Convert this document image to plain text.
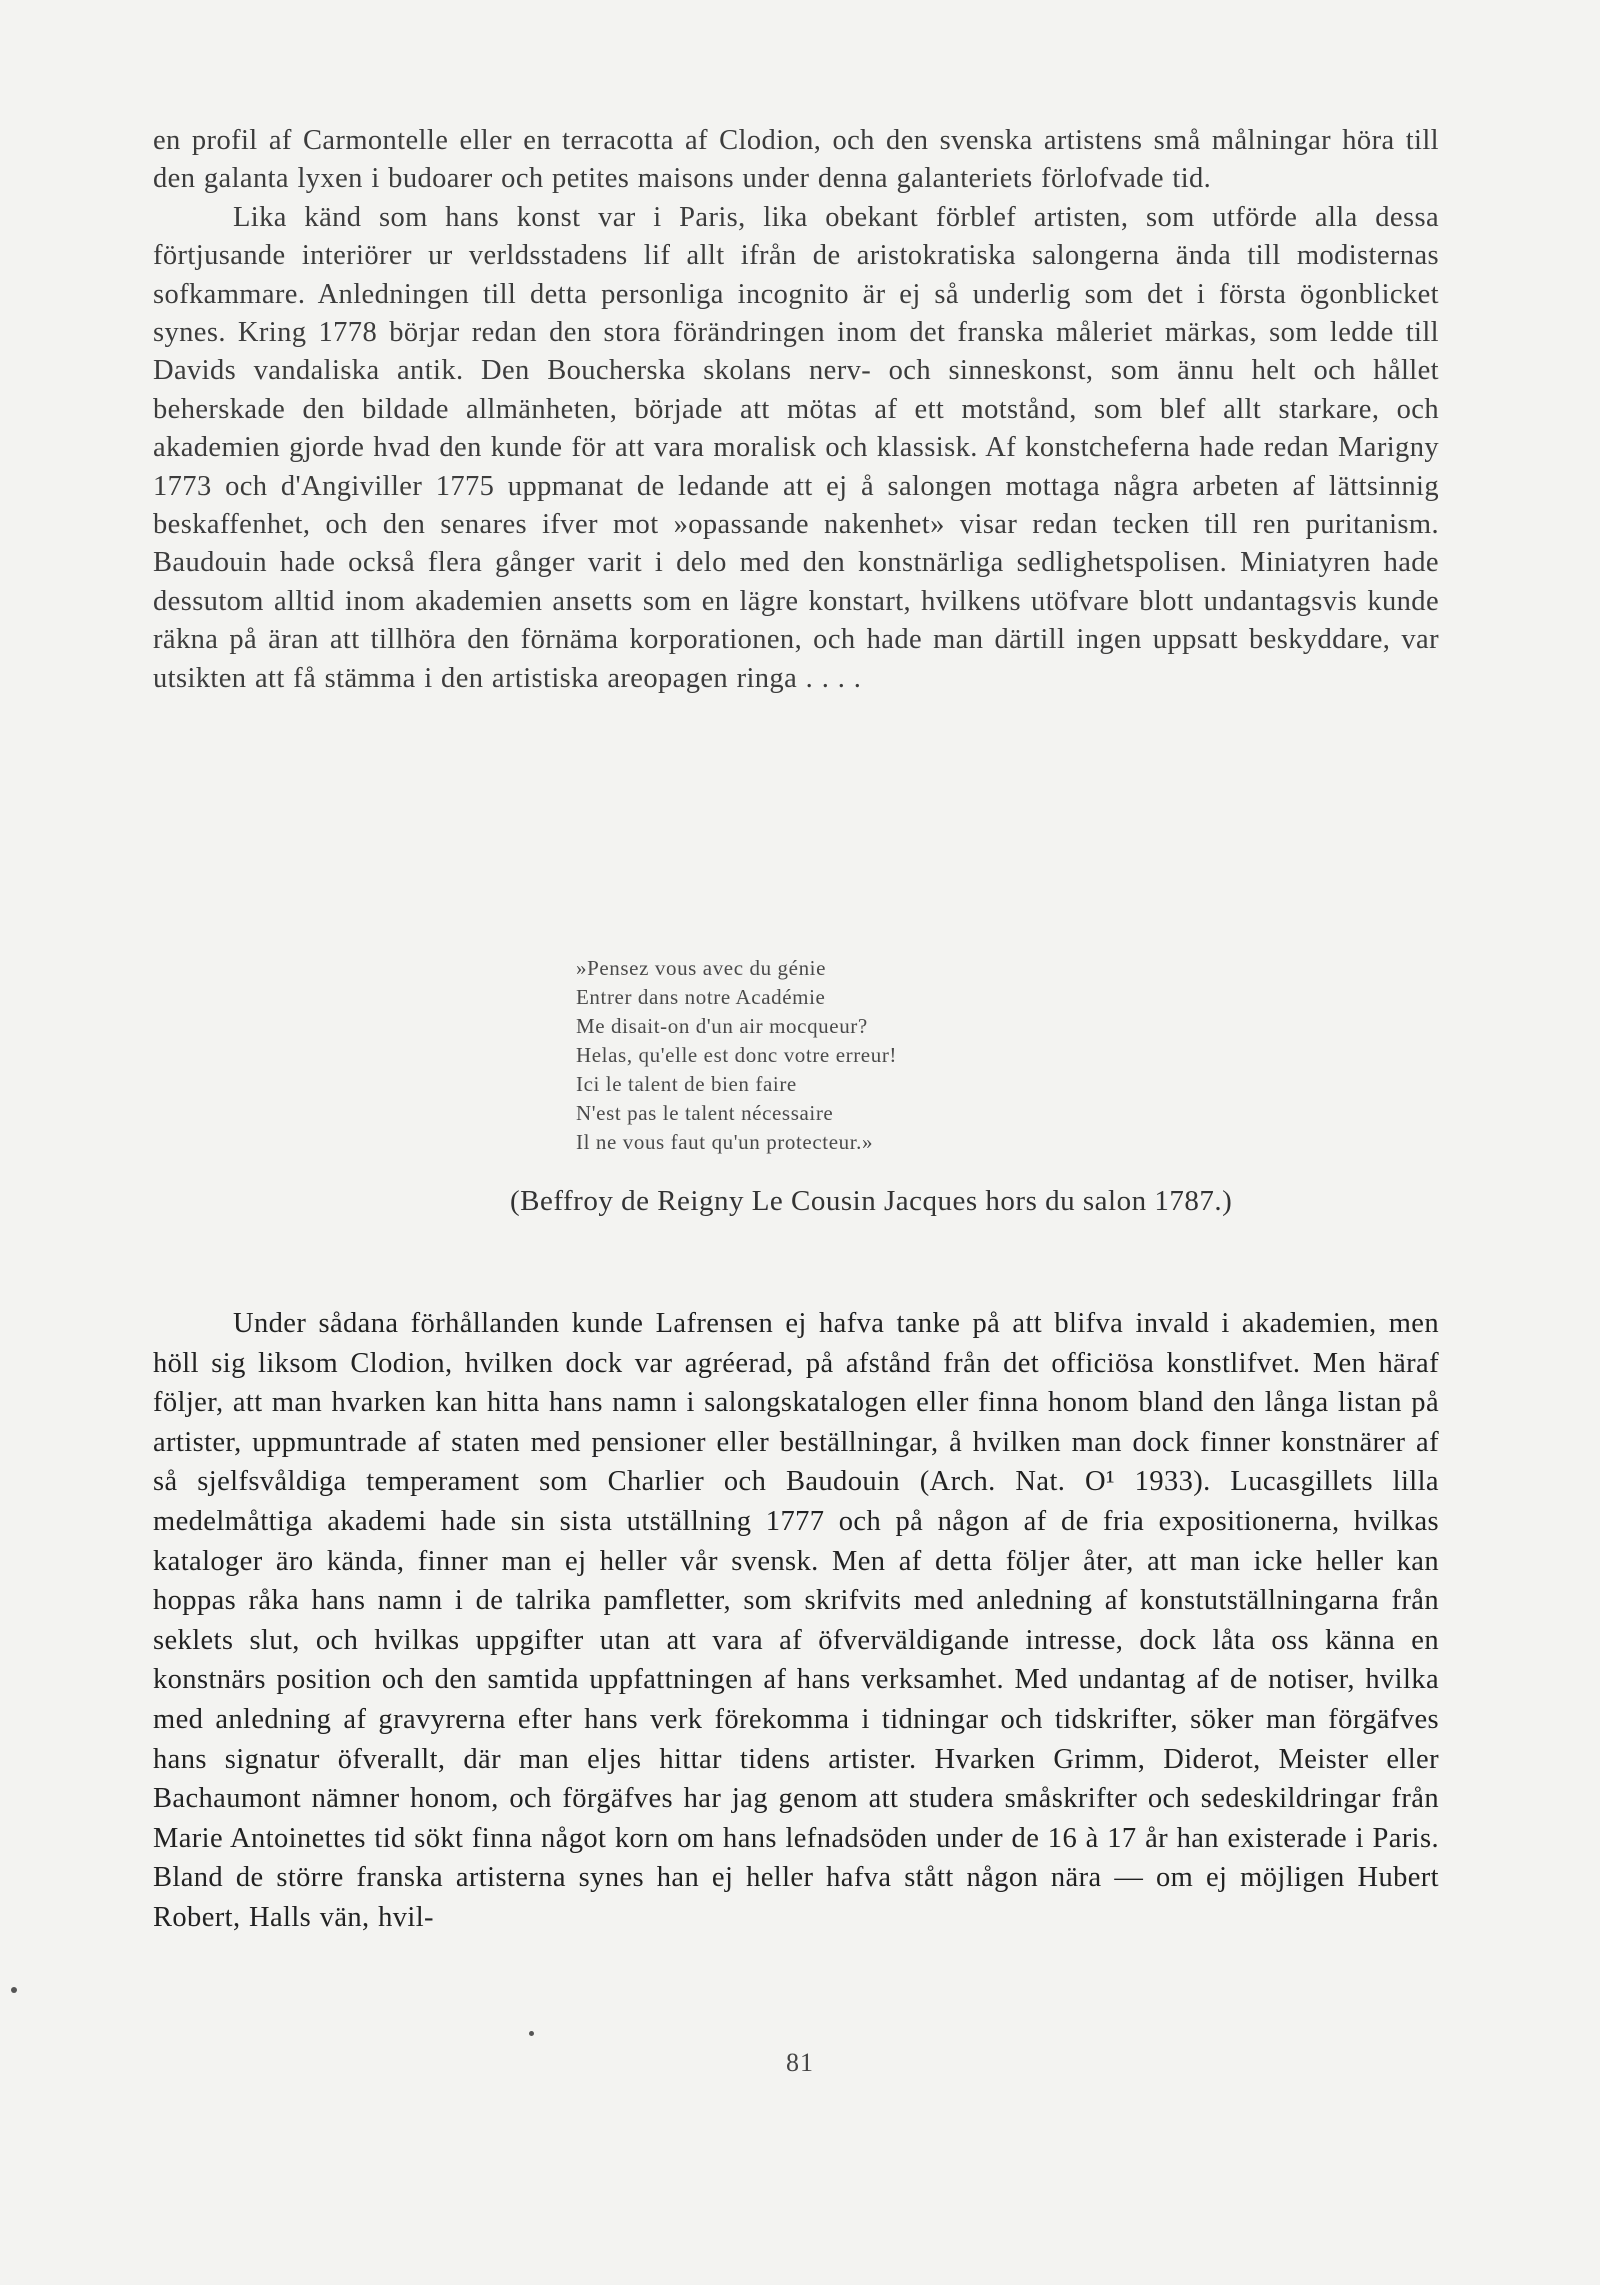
en profil af Carmontelle eller en terracotta af Clodion, och den svenska artistens små målningar höra till den galanta lyxen i budoarer och petites maisons under denna galanteriets förlofvade tid.

Lika känd som hans konst var i Paris, lika obekant förblef artisten, som utförde alla dessa förtjusande interiörer ur verldsstadens lif allt ifrån de aristokratiska salongerna ända till modisternas sofkammare. Anledningen till detta personliga incognito är ej så underlig som det i första ögonblicket synes. Kring 1778 börjar redan den stora förändringen inom det franska måleriet märkas, som ledde till Davids vandaliska antik. Den Boucherska skolans nerv- och sinneskonst, som ännu helt och hållet beherskade den bildade allmänheten, började att mötas af ett motstånd, som blef allt starkare, och akademien gjorde hvad den kunde för att vara moralisk och klassisk. Af konstcheferna hade redan Marigny 1773 och d'Angiviller 1775 uppmanat de ledande att ej å salongen mottaga några arbeten af lättsinnig beskaffenhet, och den senares ifver mot »opassande nakenhet» visar redan tecken till ren puritanism. Baudouin hade också flera gånger varit i delo med den konstnärliga sedlighetspolisen. Miniatyren hade dessutom alltid inom akademien ansetts som en lägre konstart, hvilkens utöfvare blott undantagsvis kunde räkna på äran att tillhöra den förnäma korporationen, och hade man därtill ingen uppsatt beskyddare, var utsikten att få stämma i den artistiska areopagen ringa . . . .

»Pensez vous avec du génie
Entrer dans notre Académie
Me disait-on d'un air mocqueur?
Helas, qu'elle est donc votre erreur!
Ici le talent de bien faire
N'est pas le talent nécessaire
Il ne vous faut qu'un protecteur.»
(Beffroy de Reigny Le Cousin Jacques hors du salon 1787.)

Under sådana förhållanden kunde Lafrensen ej hafva tanke på att blifva invald i akademien, men höll sig liksom Clodion, hvilken dock var agréerad, på afstånd från det officiösa konstlifvet. Men häraf följer, att man hvarken kan hitta hans namn i salongskatalogen eller finna honom bland den långa listan på artister, uppmuntrade af staten med pensioner eller beställningar, å hvilken man dock finner konstnärer af så sjelfsvåldiga temperament som Charlier och Baudouin (Arch. Nat. O¹ 1933). Lucasgillets lilla medelmåttiga akademi hade sin sista utställning 1777 och på någon af de fria expositionerna, hvilkas kataloger äro kända, finner man ej heller vår svensk. Men af detta följer åter, att man icke heller kan hoppas råka hans namn i de talrika pamfletter, som skrifvits med anledning af konstutställningarna från seklets slut, och hvilkas uppgifter utan att vara af öfverväldigande intresse, dock låta oss känna en konstnärs position och den samtida uppfattningen af hans verksamhet. Med undantag af de notiser, hvilka med anledning af gravyrerna efter hans verk förekomma i tidningar och tidskrifter, söker man förgäfves hans signatur öfverallt, där man eljes hittar tidens artister. Hvarken Grimm, Diderot, Meister eller Bachaumont nämner honom, och förgäfves har jag genom att studera småskrifter och sedeskildringar från Marie Antoinettes tid sökt finna något korn om hans lefnadsöden under de 16 à 17 år han existerade i Paris. Bland de större franska artisterna synes han ej heller hafva stått någon nära — om ej möjligen Hubert Robert, Halls vän, hvil-

81
